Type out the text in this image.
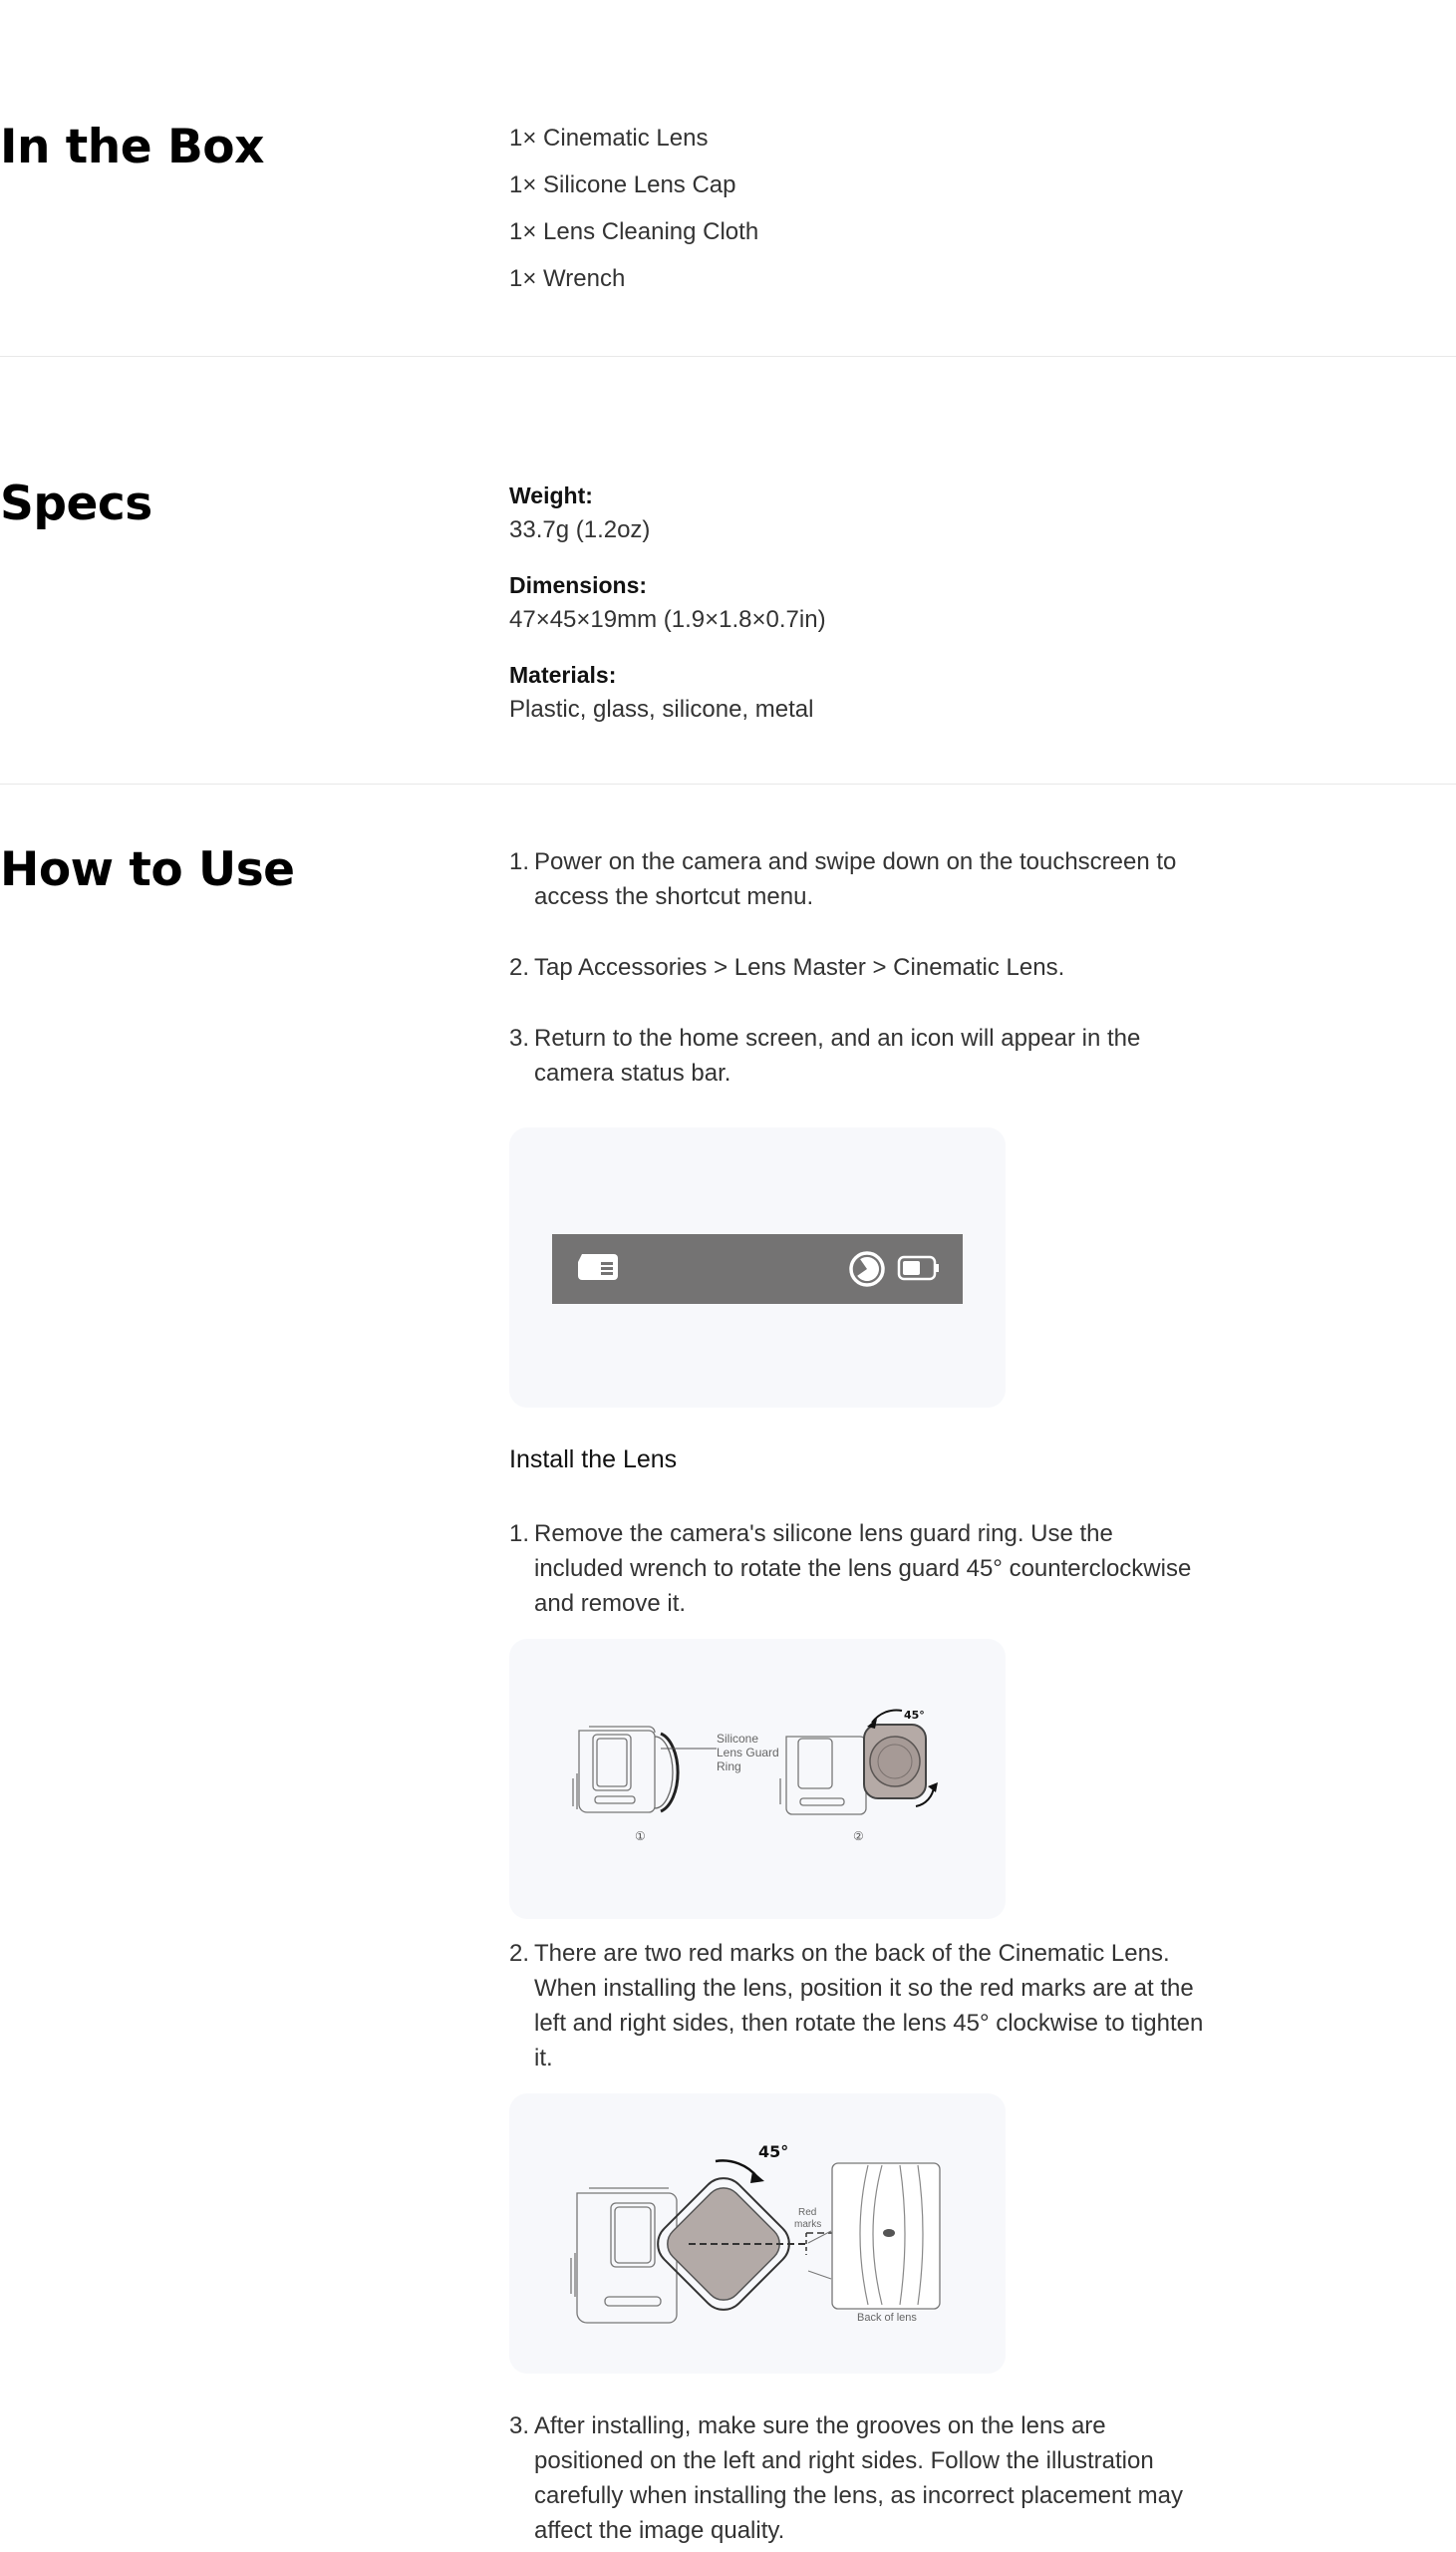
In the Box	1× Cinematic Lens
1× Silicone Lens Cap
1× Lens Cleaning Cloth
1× Wrench
Specs	Weight:
33.7g (1.2oz)
Dimensions:
47×45×19mm (1.9×1.8×0.7in)
Materials:
Plastic, glass, silicone, metal
How to Use	1. Power on the camera and swipe down on the touchscreen to access the shortcut menu.
2. Tap Accessories > Lens Master > Cinematic Lens.
3. Return to the home screen, and an icon will appear in the camera status bar.
Install the Lens
1. Remove the camera's silicone lens guard ring. Use the included wrench to rotate the lens guard 45° counterclockwise and remove it.
Silicone
Lens Guard
Ring
①
45°
②
2. There are two red marks on the back of the Cinematic Lens. When installing the lens, position it so the red marks are at the left and right sides, then rotate the lens 45° clockwise to tighten it.
45°
Red
marks
Back of lens
3. After installing, make sure the grooves on the lens are positioned on the left and right sides. Follow the illustration carefully when installing the lens, as incorrect placement may affect the image quality.
